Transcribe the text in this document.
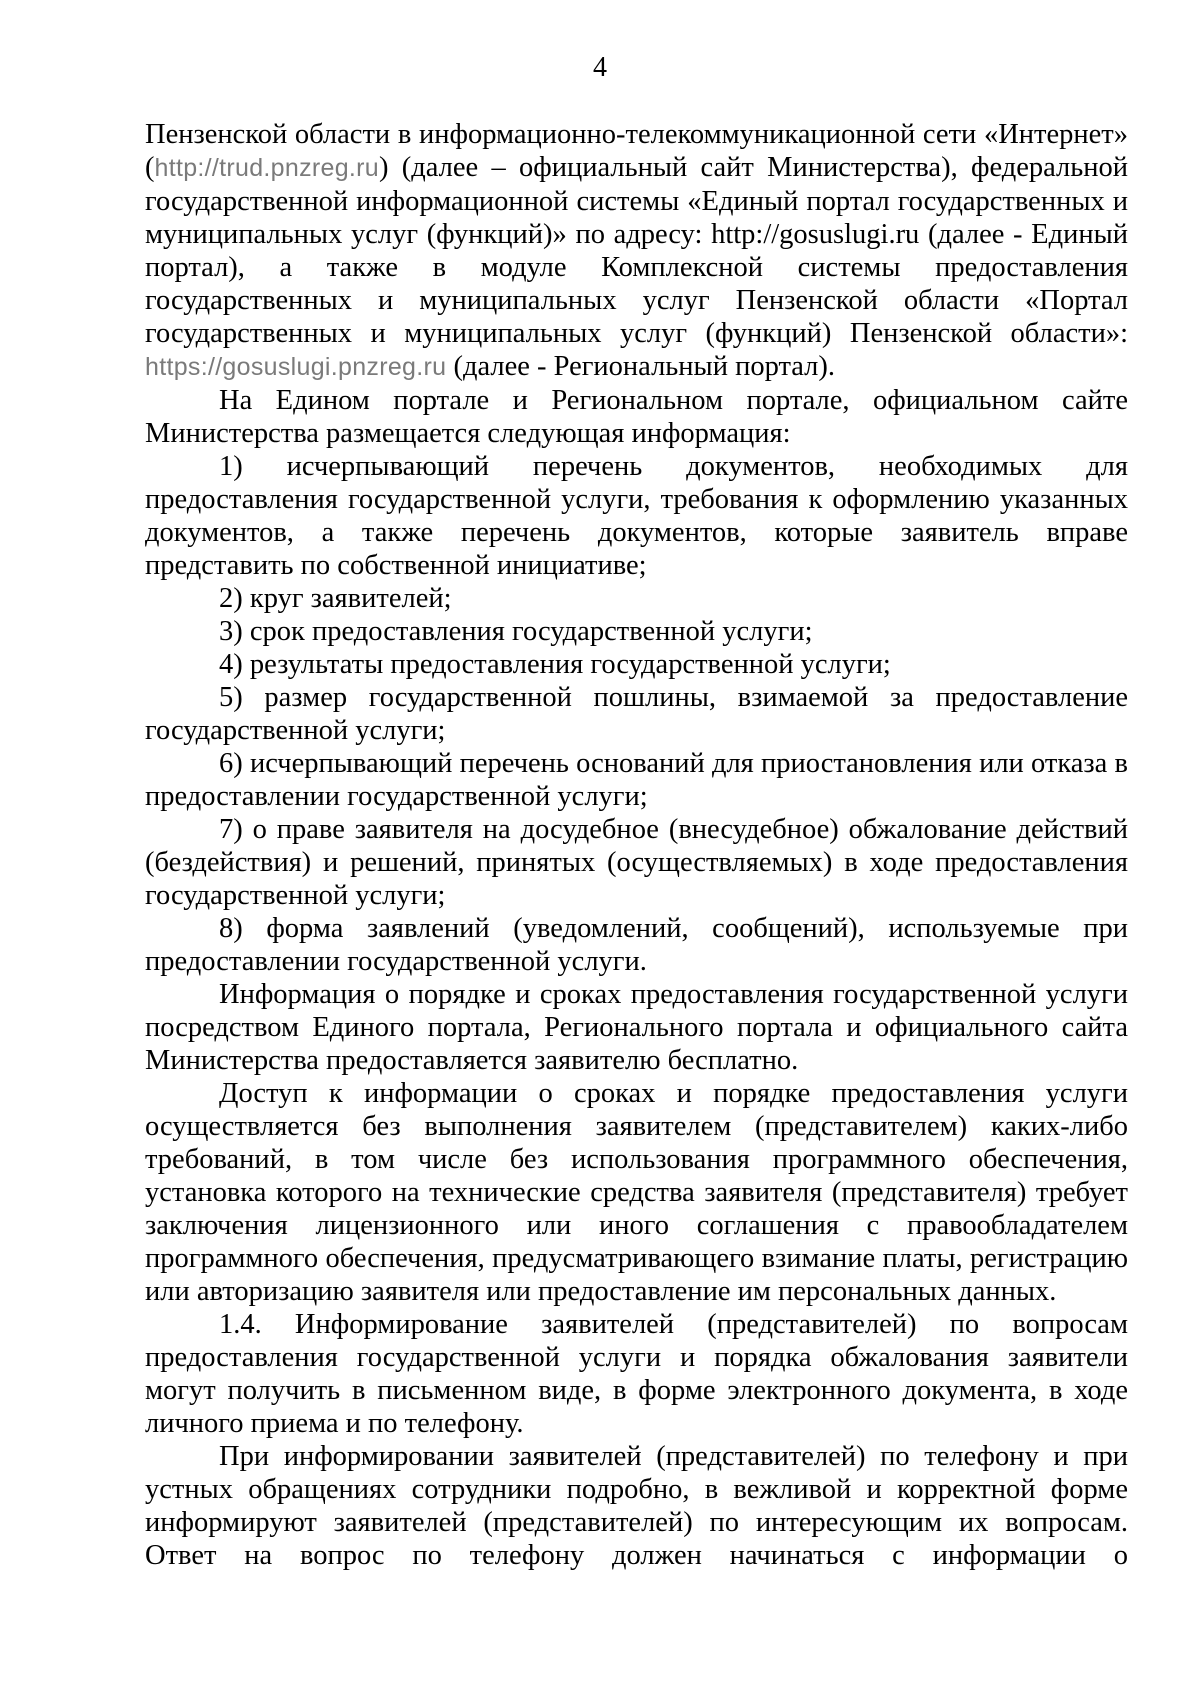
4

Пензенской области в информационно-телекоммуникационной сети «Интернет» (http://trud.pnzreg.ru) (далее – официальный сайт Министерства), федеральной государственной информационной системы «Единый портал государственных и муниципальных услуг (функций)» по адресу: http://gosuslugi.ru (далее - Единый портал), а также в модуле Комплексной системы предоставления государственных и муниципальных услуг Пензенской области «Портал государственных и муниципальных услуг (функций) Пензенской области»: https://gosuslugi.pnzreg.ru (далее - Региональный портал).

На Едином портале и Региональном портале, официальном сайте Министерства размещается следующая информация:

1) исчерпывающий перечень документов, необходимых для предоставления государственной услуги, требования к оформлению указанных документов, а также перечень документов, которые заявитель вправе представить по собственной инициативе;

2) круг заявителей;

3) срок предоставления государственной услуги;

4) результаты предоставления государственной услуги;

5) размер государственной пошлины, взимаемой за предоставление государственной услуги;

6) исчерпывающий перечень оснований для приостановления или отказа в предоставлении государственной услуги;

7) о праве заявителя на досудебное (внесудебное) обжалование действий (бездействия) и решений, принятых (осуществляемых) в ходе предоставления государственной услуги;

8) форма заявлений (уведомлений, сообщений), используемые при предоставлении государственной услуги.

Информация о порядке и сроках предоставления государственной услуги посредством Единого портала, Регионального портала и официального сайта Министерства предоставляется заявителю бесплатно.

Доступ к информации о сроках и порядке предоставления услуги осуществляется без выполнения заявителем (представителем) каких-либо требований, в том числе без использования программного обеспечения, установка которого на технические средства заявителя (представителя) требует заключения лицензионного или иного соглашения с правообладателем программного обеспечения, предусматривающего взимание платы, регистрацию или авторизацию заявителя или предоставление им персональных данных.

1.4. Информирование заявителей (представителей) по вопросам предоставления государственной услуги и порядка обжалования заявители могут получить в письменном виде, в форме электронного документа, в ходе личного приема и по телефону.

При информировании заявителей (представителей) по телефону и при устных обращениях сотрудники подробно, в вежливой и корректной форме информируют заявителей (представителей) по интересующим их вопросам. Ответ на вопрос по телефону должен начинаться с информации о
